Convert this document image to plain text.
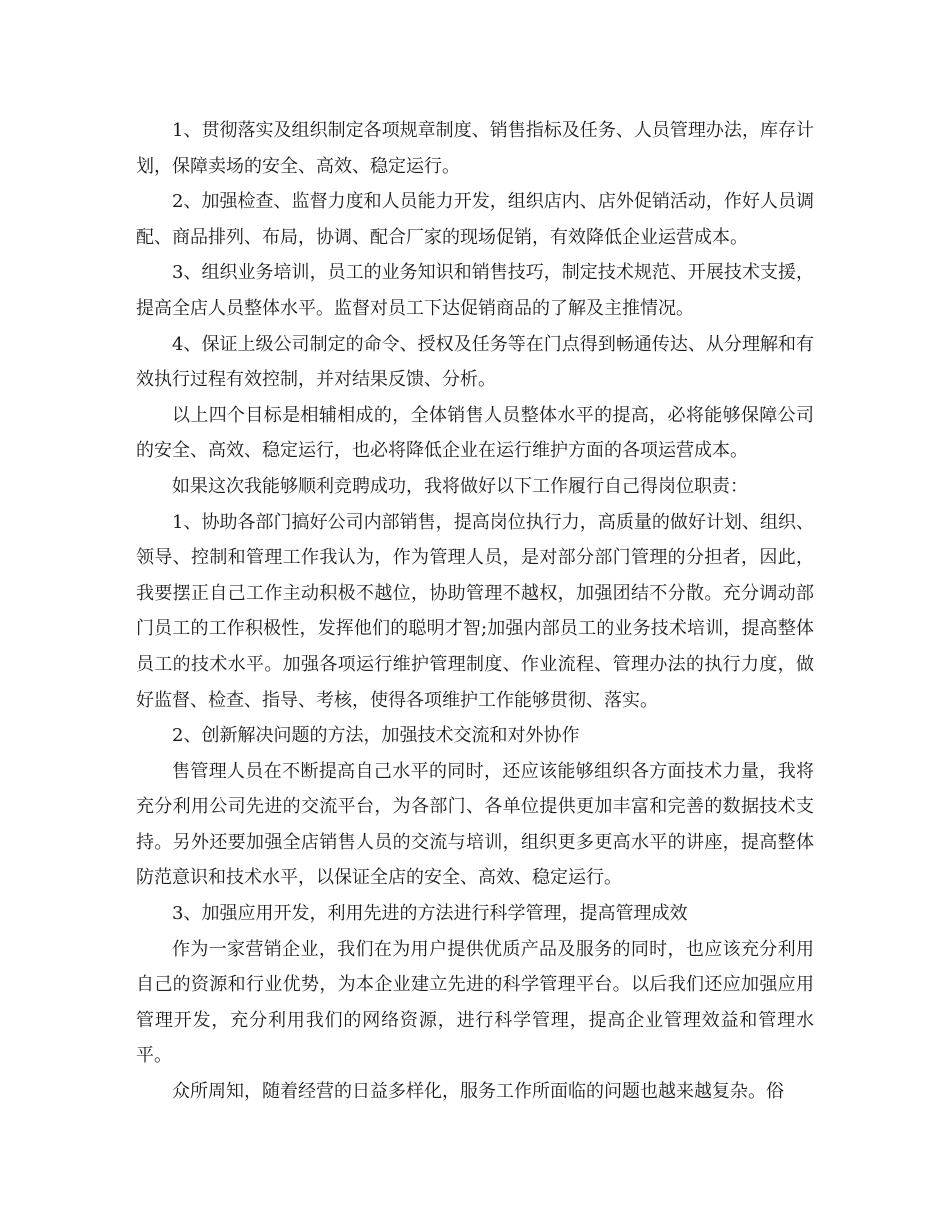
1、贯彻落实及组织制定各项规章制度、销售指标及任务、人员管理办法，库存计划，保障卖场的安全、高效、稳定运行。

2、加强检查、监督力度和人员能力开发，组织店内、店外促销活动，作好人员调配、商品排列、布局，协调、配合厂家的现场促销，有效降低企业运营成本。

3、组织业务培训，员工的业务知识和销售技巧，制定技术规范、开展技术支援，提高全店人员整体水平。监督对员工下达促销商品的了解及主推情况。

4、保证上级公司制定的命令、授权及任务等在门点得到畅通传达、从分理解和有效执行过程有效控制，并对结果反馈、分析。

以上四个目标是相辅相成的，全体销售人员整体水平的提高，必将能够保障公司的安全、高效、稳定运行，也必将降低企业在运行维护方面的各项运营成本。

如果这次我能够顺利竞聘成功，我将做好以下工作履行自己得岗位职责：

1、协助各部门搞好公司内部销售，提高岗位执行力，高质量的做好计划、组织、领导、控制和管理工作我认为，作为管理人员，是对部分部门管理的分担者，因此，我要摆正自己工作主动积极不越位，协助管理不越权，加强团结不分散。充分调动部门员工的工作积极性，发挥他们的聪明才智;加强内部员工的业务技术培训，提高整体员工的技术水平。加强各项运行维护管理制度、作业流程、管理办法的执行力度，做好监督、检查、指导、考核，使得各项维护工作能够贯彻、落实。

2、创新解决问题的方法，加强技术交流和对外协作

售管理人员在不断提高自己水平的同时，还应该能够组织各方面技术力量，我将充分利用公司先进的交流平台，为各部门、各单位提供更加丰富和完善的数据技术支持。另外还要加强全店销售人员的交流与培训，组织更多更高水平的讲座，提高整体防范意识和技术水平，以保证全店的安全、高效、稳定运行。

3、加强应用开发，利用先进的方法进行科学管理，提高管理成效

作为一家营销企业，我们在为用户提供优质产品及服务的同时，也应该充分利用自己的资源和行业优势，为本企业建立先进的科学管理平台。以后我们还应加强应用管理开发，充分利用我们的网络资源，进行科学管理，提高企业管理效益和管理水平。

众所周知，随着经营的日益多样化，服务工作所面临的问题也越来越复杂。俗
